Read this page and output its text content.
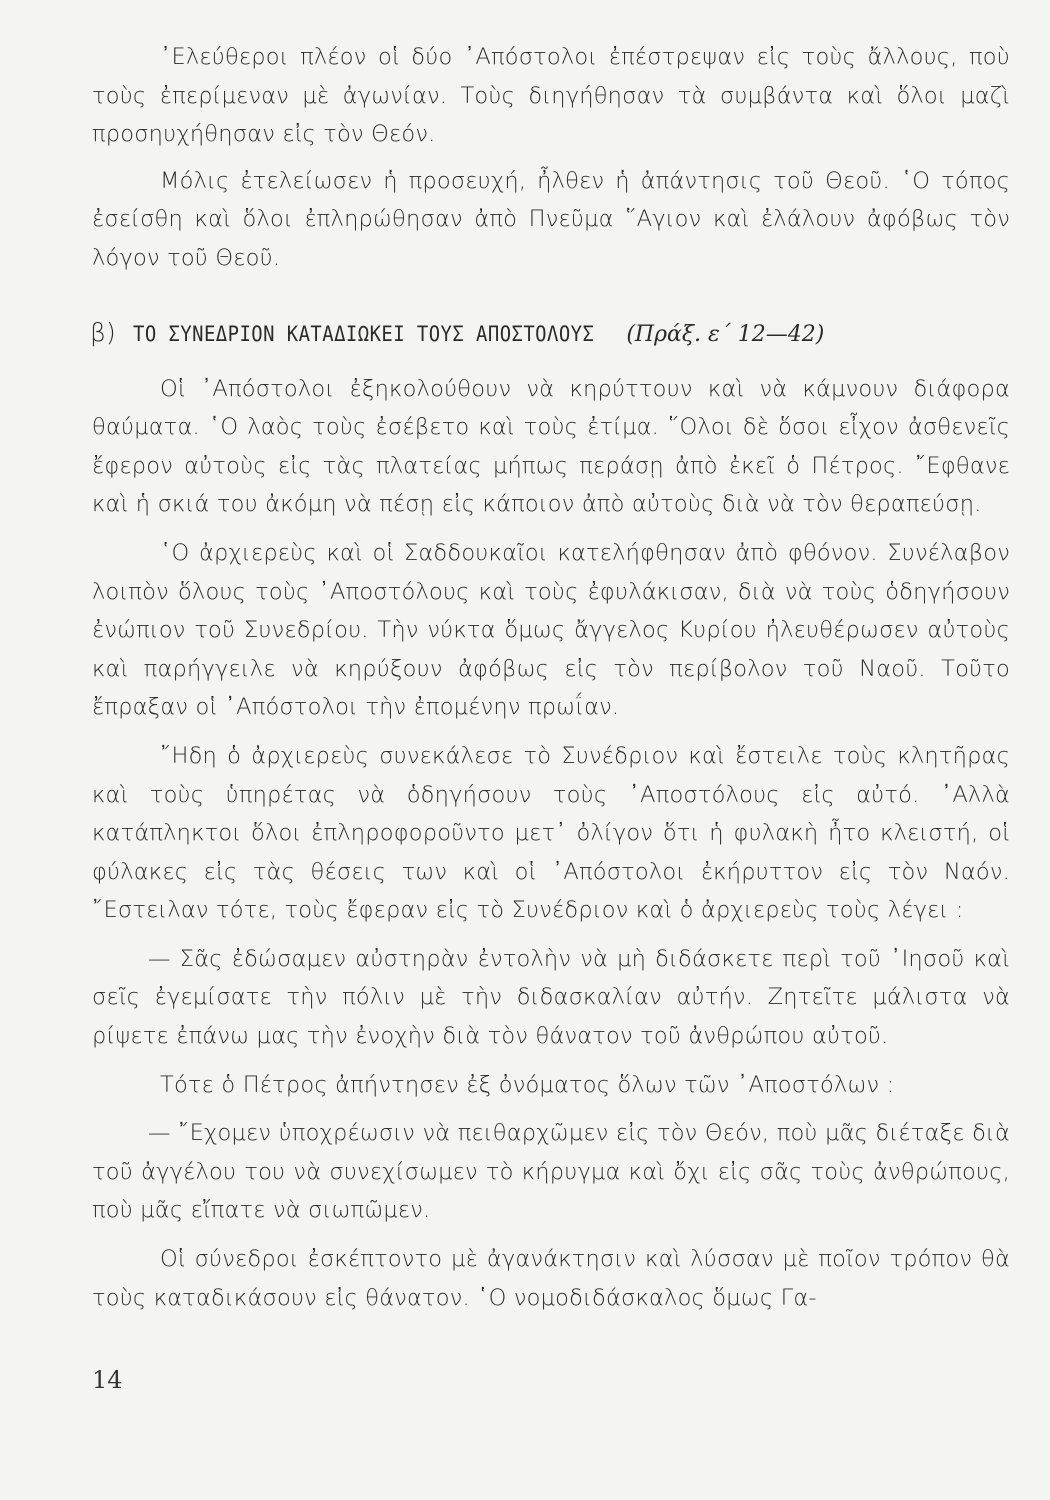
᾿Ελεύθεροι πλέον οἱ δύο ᾿Απόστολοι ἐπέστρεψαν εἰς τοὺς ἄλλους, ποὺ τοὺς ἐπερίμεναν μὲ ἀγωνίαν. Τοὺς διηγήθησαν τὰ συμβάντα καὶ ὅλοι μαζὶ προσηυχήθησαν εἰς τὸν Θεόν.

Μόλις ἐτελείωσεν ἡ προσευχή, ἦλθεν ἡ ἀπάντησις τοῦ Θεοῦ. ῾Ο τόπος ἐσείσθη καὶ ὅλοι ἐπληρώθησαν ἀπὸ Πνεῦμα ῞Αγιον καὶ ἐλάλουν ἀφόβως τὸν λόγον τοῦ Θεοῦ.

β) ΤΟ ΣΥΝΕΔΡΙΟΝ ΚΑΤΑΔΙΩΚΕΙ ΤΟΥΣ ΑΠΟΣΤΟΛΟΥΣ (Πράξ. ε΄ 12—42)

Οἱ ᾿Απόστολοι ἐξηκολούθουν νὰ κηρύττουν καὶ νὰ κάμνουν διάφορα θαύματα. ῾Ο λαὸς τοὺς ἐσέβετο καὶ τοὺς ἐτίμα. ῞Ολοι δὲ ὅσοι εἶχον ἀσθενεῖς ἔφερον αὐτοὺς εἰς τὰς πλατείας μήπως περάσῃ ἀπὸ ἐκεῖ ὁ Πέτρος. ῎Εφθανε καὶ ἡ σκιά του ἀκόμη νὰ πέσῃ εἰς κάποιον ἀπὸ αὐτοὺς διὰ νὰ τὸν θεραπεύσῃ.

῾Ο ἀρχιερεὺς καὶ οἱ Σαδδουκαῖοι κατελήφθησαν ἀπὸ φθόνον. Συνέλαβον λοιπὸν ὅλους τοὺς ᾿Αποστόλους καὶ τοὺς ἐφυλάκισαν, διὰ νὰ τοὺς ὁδηγήσουν ἐνώπιον τοῦ Συνεδρίου. Τὴν νύκτα ὅμως ἄγγελος Κυρίου ἠλευθέρωσεν αὐτοὺς καὶ παρήγγειλε νὰ κηρύξουν ἀφόβως εἰς τὸν περίβολον τοῦ Ναοῦ. Τοῦτο ἔπραξαν οἱ ᾿Απόστολοι τὴν ἐπομένην πρωΐαν.

῎Ηδη ὁ ἀρχιερεὺς συνεκάλεσε τὸ Συνέδριον καὶ ἔστειλε τοὺς κλητῆρας καὶ τοὺς ὑπηρέτας νὰ ὁδηγήσουν τοὺς ᾿Αποστόλους εἰς αὐτό. ᾿Αλλὰ κατάπληκτοι ὅλοι ἐπληροφοροῦντο μετ᾿ ὀλίγον ὅτι ἡ φυλακὴ ἦτο κλειστή, οἱ φύλακες εἰς τὰς θέσεις των καὶ οἱ ᾿Απόστολοι ἐκήρυττον εἰς τὸν Ναόν. ῎Εστειλαν τότε, τοὺς ἔφεραν εἰς τὸ Συνέδριον καὶ ὁ ἀρχιερεὺς τοὺς λέγει :

— Σᾶς ἐδώσαμεν αὐστηρὰν ἐντολὴν νὰ μὴ διδάσκετε περὶ τοῦ ᾿Ιησοῦ καὶ σεῖς ἐγεμίσατε τὴν πόλιν μὲ τὴν διδασκαλίαν αὐτήν. Ζητεῖτε μάλιστα νὰ ρίψετε ἐπάνω μας τὴν ἐνοχὴν διὰ τὸν θάνατον τοῦ ἀνθρώπου αὐτοῦ.

Τότε ὁ Πέτρος ἀπήντησεν ἐξ ὀνόματος ὅλων τῶν ᾿Αποστόλων :

— ῎Εχομεν ὑποχρέωσιν νὰ πειθαρχῶμεν εἰς τὸν Θεόν, ποὺ μᾶς διέταξε διὰ τοῦ ἀγγέλου του νὰ συνεχίσωμεν τὸ κήρυγμα καὶ ὄχι εἰς σᾶς τοὺς ἀνθρώπους, ποὺ μᾶς εἴπατε νὰ σιωπῶμεν.

Οἱ σύνεδροι ἐσκέπτοντο μὲ ἀγανάκτησιν καὶ λύσσαν μὲ ποῖον τρόπον θὰ τοὺς καταδικάσουν εἰς θάνατον. ῾Ο νομοδιδάσκαλος ὅμως Γα-

14
